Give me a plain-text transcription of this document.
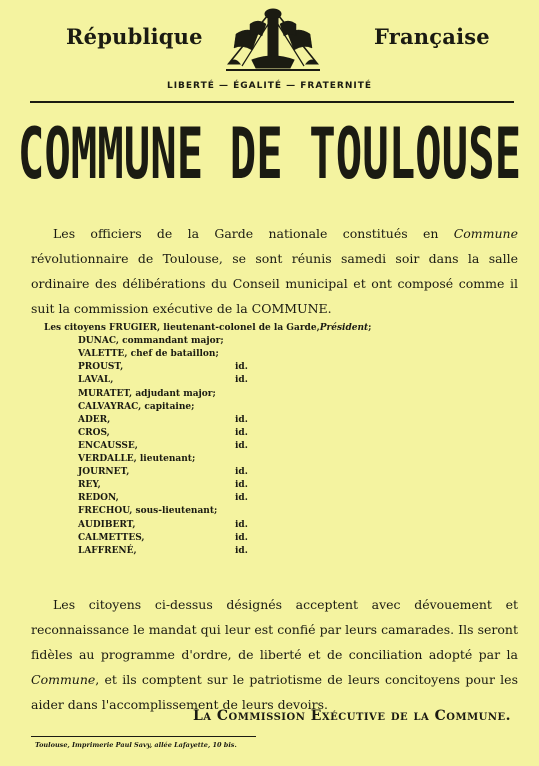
République	Française
LIBERTÉ — ÉGALITÉ — FRATERNITÉ
COMMUNE DE TOULOUSE
Les officiers de la Garde nationale constitués en Commune révolutionnaire de Toulouse, se sont réunis samedi soir dans la salle ordinaire des délibérations du Conseil municipal et ont composé comme il suit la commission exécutive de la COMMUNE.
Les citoyens FRUGIER, lieutenant-colonel de la Garde,Président;
DUNAC, commandant major;
VALETTE, chef de bataillon;
PROUST,	id.
LAVAL,	id.
MURATET, adjudant major;
CALVAYRAC, capitaine;
ADER,	id.
CROS,	id.
ENCAUSSE,	id.
VERDALLE, lieutenant;
JOURNET,	id.
REY,	id.
REDON,	id.
FRECHOU, sous-lieutenant;
AUDIBERT,	id.
CALMETTES,	id.
LAFFRENÉ,	id.
Les citoyens ci-dessus désignés acceptent avec dévouement et reconnaissance le mandat qui leur est confié par leurs camarades. Ils seront fidèles au programme d'ordre, de liberté et de conciliation adopté par la Commune, et ils comptent sur le patriotisme de leurs concitoyens pour les aider dans l'accomplissement de leurs devoirs.
La Commission Exécutive de la Commune.
Toulouse, Imprimerie Paul Savy, allée Lafayette, 10 bis.
